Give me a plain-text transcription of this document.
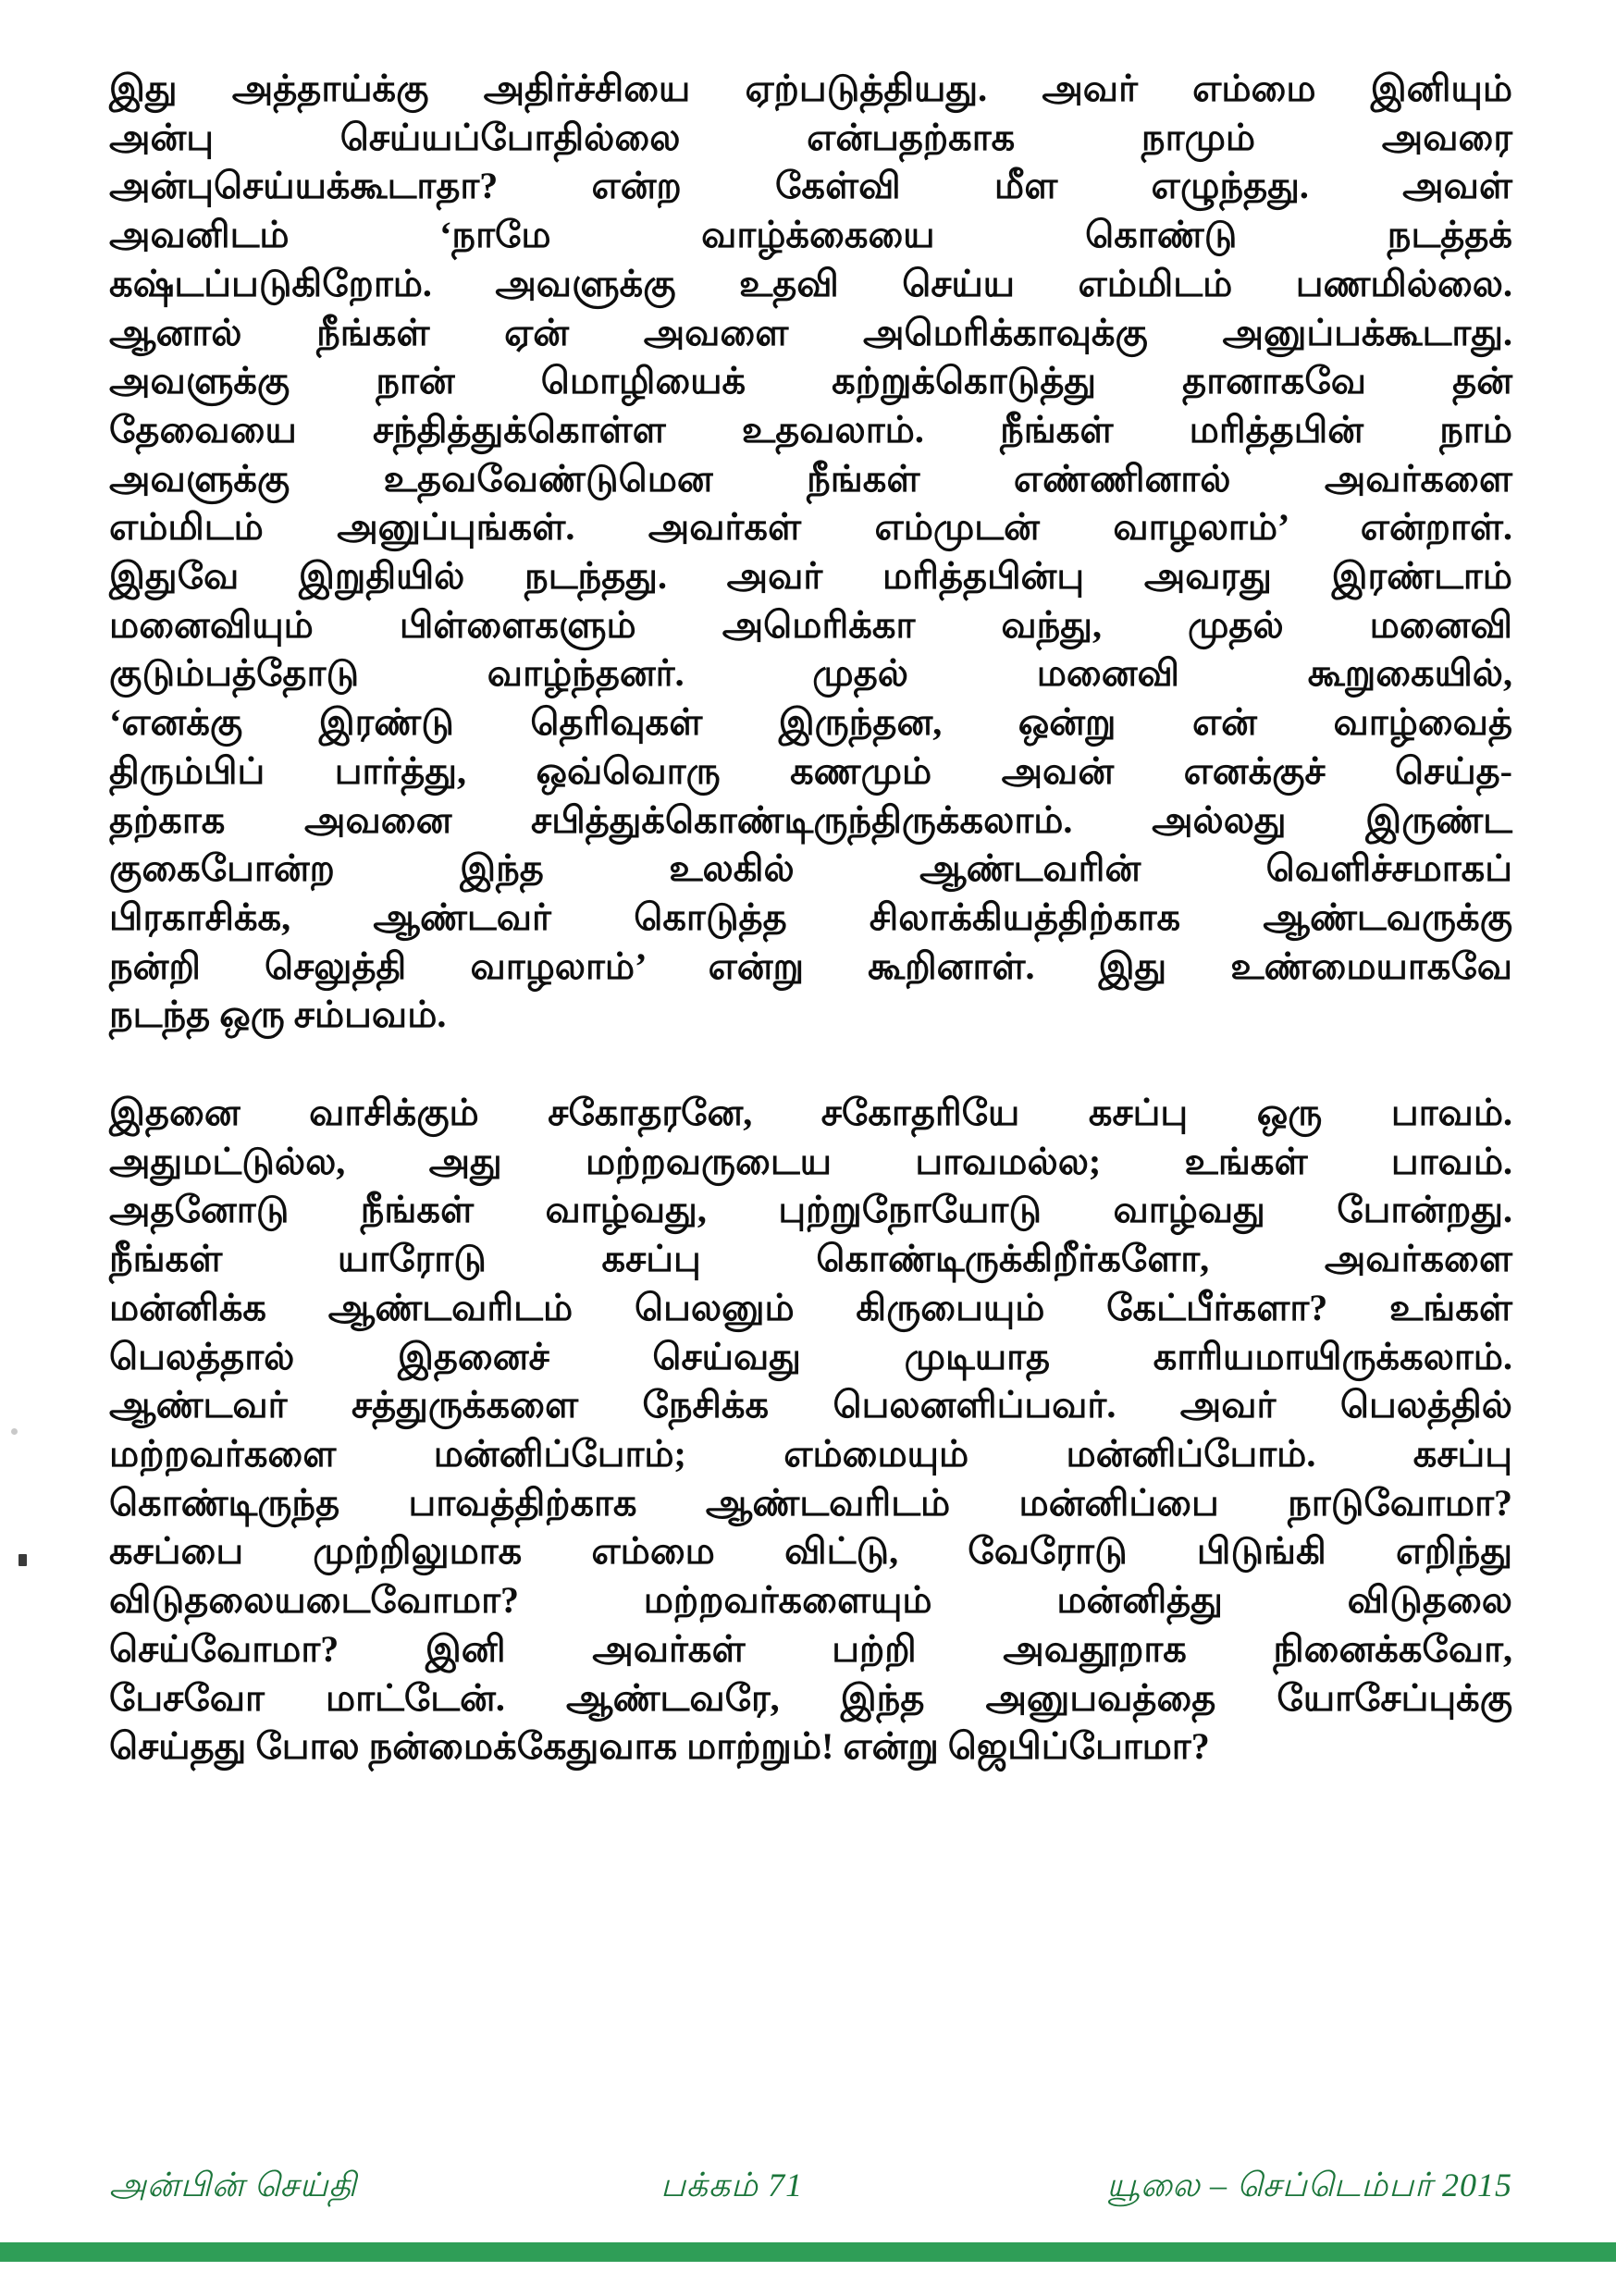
இது அத்தாய்க்கு அதிர்ச்சியை ஏற்படுத்தியது. அவர் எம்மை இனியும்
அன்பு செய்யப்போதில்லை என்பதற்காக நாமும் அவரை
அன்புசெய்யக்கூடாதா? என்ற கேள்வி மீள எழுந்தது. அவள்
அவனிடம் ‘நாமே வாழ்க்கையை கொண்டு நடத்தக்
கஷ்டப்படுகிறோம். அவளுக்கு உதவி செய்ய எம்மிடம் பணமில்லை.
ஆனால் நீங்கள் ஏன் அவளை அமெரிக்காவுக்கு அனுப்பக்கூடாது.
அவளுக்கு நான் மொழியைக் கற்றுக்கொடுத்து தானாகவே தன்
தேவையை சந்தித்துக்கொள்ள உதவலாம். நீங்கள் மரித்தபின் நாம்
அவளுக்கு உதவவேண்டுமென நீங்கள் எண்ணினால் அவர்களை
எம்மிடம் அனுப்புங்கள். அவர்கள் எம்முடன் வாழலாம்’ என்றாள்.
இதுவே இறுதியில் நடந்தது. அவர் மரித்தபின்பு அவரது இரண்டாம்
மனைவியும் பிள்ளைகளும் அமெரிக்கா வந்து, முதல் மனைவி
குடும்பத்தோடு வாழ்ந்தனர். முதல் மனைவி கூறுகையில்,
‘எனக்கு இரண்டு தெரிவுகள் இருந்தன, ஒன்று என் வாழ்வைத்
திரும்பிப் பார்த்து, ஒவ்வொரு கணமும் அவன் எனக்குச் செய்த-
தற்காக அவனை சபித்துக்கொண்டிருந்திருக்கலாம். அல்லது இருண்ட
குகைபோன்ற இந்த உலகில் ஆண்டவரின் வெளிச்சமாகப்
பிரகாசிக்க, ஆண்டவர் கொடுத்த சிலாக்கியத்திற்காக ஆண்டவருக்கு
நன்றி செலுத்தி வாழலாம்’ என்று கூறினாள். இது உண்மையாகவே
நடந்த ஒரு சம்பவம்.
இதனை வாசிக்கும் சகோதரனே, சகோதரியே கசப்பு ஒரு பாவம்.
அதுமட்டுல்ல, அது மற்றவருடைய பாவமல்ல; உங்கள் பாவம்.
அதனோடு நீங்கள் வாழ்வது, புற்றுநோயோடு வாழ்வது போன்றது.
நீங்கள் யாரோடு கசப்பு கொண்டிருக்கிறீர்களோ, அவர்களை
மன்னிக்க ஆண்டவரிடம் பெலனும் கிருபையும் கேட்பீர்களா? உங்கள்
பெலத்தால் இதனைச் செய்வது முடியாத காரியமாயிருக்கலாம்.
ஆண்டவர் சத்துருக்களை நேசிக்க பெலனளிப்பவர். அவர் பெலத்தில்
மற்றவர்களை மன்னிப்போம்; எம்மையும் மன்னிப்போம். கசப்பு
கொண்டிருந்த பாவத்திற்காக ஆண்டவரிடம் மன்னிப்பை நாடுவோமா?
கசப்பை முற்றிலுமாக எம்மை விட்டு, வேரோடு பிடுங்கி எறிந்து
விடுதலையடைவோமா? மற்றவர்களையும் மன்னித்து விடுதலை
செய்வோமா? இனி அவர்கள் பற்றி அவதூறாக நினைக்கவோ,
பேசவோ மாட்டேன். ஆண்டவரே, இந்த அனுபவத்தை யோசேப்புக்கு
செய்தது போல நன்மைக்கேதுவாக மாற்றும்! என்று ஜெபிப்போமா?
அன்பின் செய்தி	பக்கம் 71	யூலை – செப்டெம்பர் 2015
